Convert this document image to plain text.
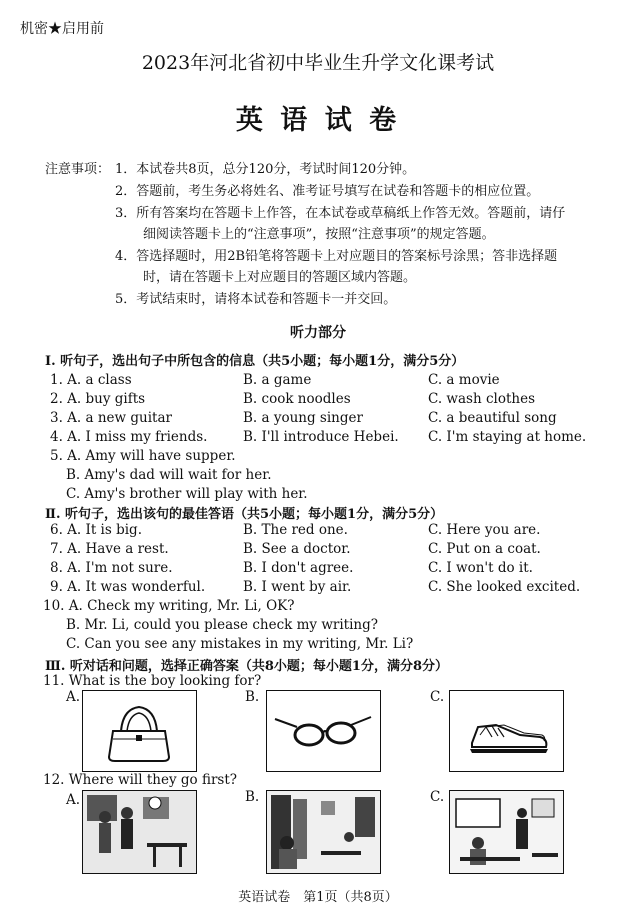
机密★启用前
2023年河北省初中毕业生升学文化课考试
英 语 试 卷
注意事项： 1．本试卷共8页，总分120分，考试时间120分钟。
2．答题前，考生务必将姓名、准考证号填写在试卷和答题卡的相应位置。
3．所有答案均在答题卡上作答，在本试卷或草稿纸上作答无效。答题前，请仔
细阅读答题卡上的“注意事项”，按照“注意事项”的规定答题。
4．答选择题时，用2B铅笔将答题卡上对应题目的答案标号涂黑；答非选择题
时，请在答题卡上对应题目的答题区域内答题。
5．考试结束时，请将本试卷和答题卡一并交回。
听力部分
Ⅰ. 听句子，选出句子中所包含的信息（共5小题；每小题1分，满分5分）
1. A. a class	B. a game	C. a movie
2. A. buy gifts	B. cook noodles	C. wash clothes
3. A. a new guitar	B. a young singer	C. a beautiful song
4. A. I miss my friends.	B. I'll introduce Hebei. C. I'm staying at home.
5. A. Amy will have supper.
B. Amy's dad will wait for her.
C. Amy's brother will play with her.
Ⅱ. 听句子，选出该句的最佳答语（共5小题；每小题1分，满分5分）
6. A. It is big.	B. The red one.	C. Here you are.
7. A. Have a rest.	B. See a doctor.	C. Put on a coat.
8. A. I'm not sure.	B. I don't agree.	C. I won't do it.
9. A. It was wonderful.	B. I went by air.	C. She looked excited.
10. A. Check my writing, Mr. Li, OK?
B. Mr. Li, could you please check my writing?
C. Can you see any mistakes in my writing, Mr. Li?
Ⅲ. 听对话和问题，选择正确答案（共8小题；每小题1分，满分8分）
11. What is the boy looking for?
A.	B.	C.
12. Where will they go first?
A.	B.	C.
英语试卷　第1页（共8页）
